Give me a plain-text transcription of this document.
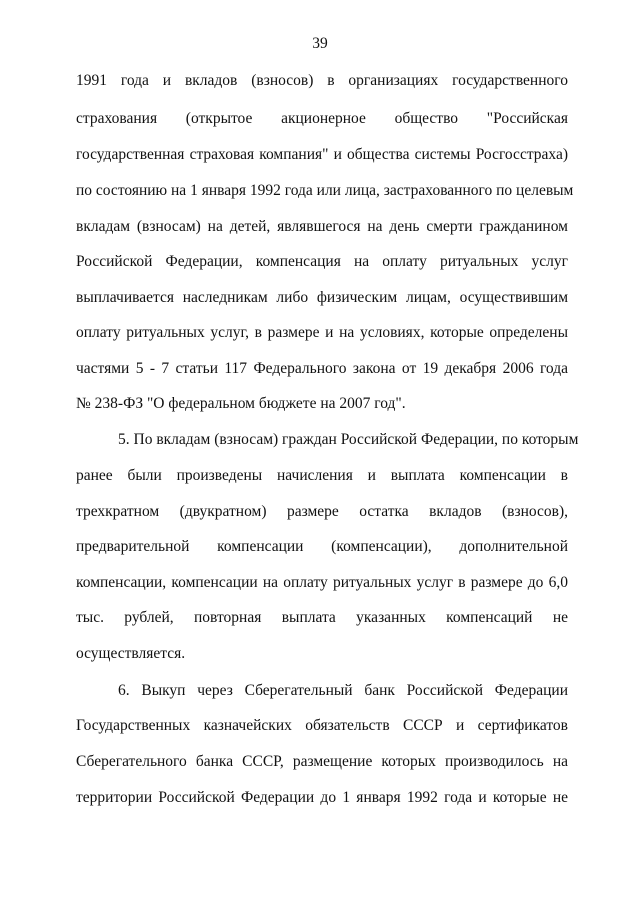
39
1991 года и вкладов (взносов) в организациях государственного
страхования (открытое акционерное общество "Российская
государственная страховая компания" и общества системы Росгосстраха)
по состоянию на 1 января 1992 года или лица, застрахованного по целевым
вкладам (взносам) на детей, являвшегося на день смерти гражданином
Российской Федерации, компенсация на оплату ритуальных услуг
выплачивается наследникам либо физическим лицам, осуществившим
оплату ритуальных услуг, в размере и на условиях, которые определены
частями 5 - 7 статьи 117 Федерального закона от 19 декабря 2006 года
№ 238-ФЗ "О федеральном бюджете на 2007 год".
5. По вкладам (взносам) граждан Российской Федерации, по которым
ранее были произведены начисления и выплата компенсации в
трехкратном (двукратном) размере остатка вкладов (взносов),
предварительной компенсации (компенсации), дополнительной
компенсации, компенсации на оплату ритуальных услуг в размере до 6,0
тыс. рублей, повторная выплата указанных компенсаций не
осуществляется.
6. Выкуп через Сберегательный банк Российской Федерации
Государственных казначейских обязательств СССР и сертификатов
Сберегательного банка СССР, размещение которых производилось на
территории Российской Федерации до 1 января 1992 года и которые не
